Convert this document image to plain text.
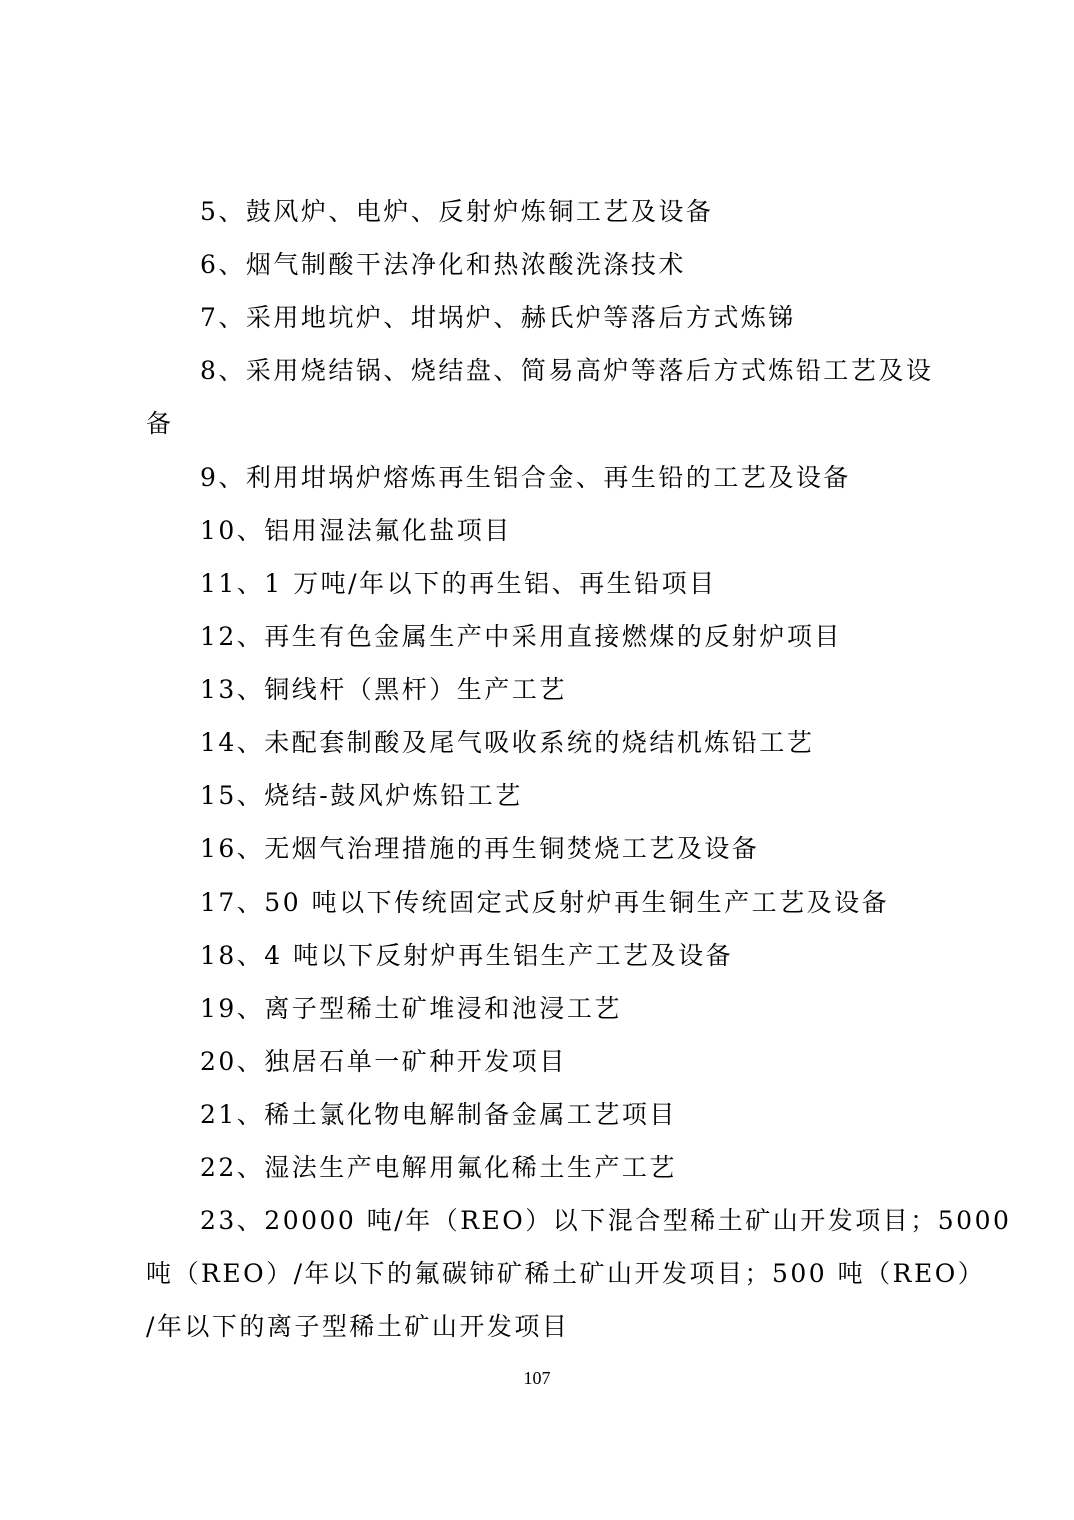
5、鼓风炉、电炉、反射炉炼铜工艺及设备
6、烟气制酸干法净化和热浓酸洗涤技术
7、采用地坑炉、坩埚炉、赫氏炉等落后方式炼锑
8、采用烧结锅、烧结盘、简易高炉等落后方式炼铅工艺及设
备
9、利用坩埚炉熔炼再生铝合金、再生铅的工艺及设备
10、铝用湿法氟化盐项目
11、1 万吨/年以下的再生铝、再生铅项目
12、再生有色金属生产中采用直接燃煤的反射炉项目
13、铜线杆（黑杆）生产工艺
14、未配套制酸及尾气吸收系统的烧结机炼铅工艺
15、烧结-鼓风炉炼铅工艺
16、无烟气治理措施的再生铜焚烧工艺及设备
17、50 吨以下传统固定式反射炉再生铜生产工艺及设备
18、4 吨以下反射炉再生铝生产工艺及设备
19、离子型稀土矿堆浸和池浸工艺
20、独居石单一矿种开发项目
21、稀土氯化物电解制备金属工艺项目
22、湿法生产电解用氟化稀土生产工艺
23、20000 吨/年（REO）以下混合型稀土矿山开发项目；5000
吨（REO）/年以下的氟碳铈矿稀土矿山开发项目；500 吨（REO）
/年以下的离子型稀土矿山开发项目
107
